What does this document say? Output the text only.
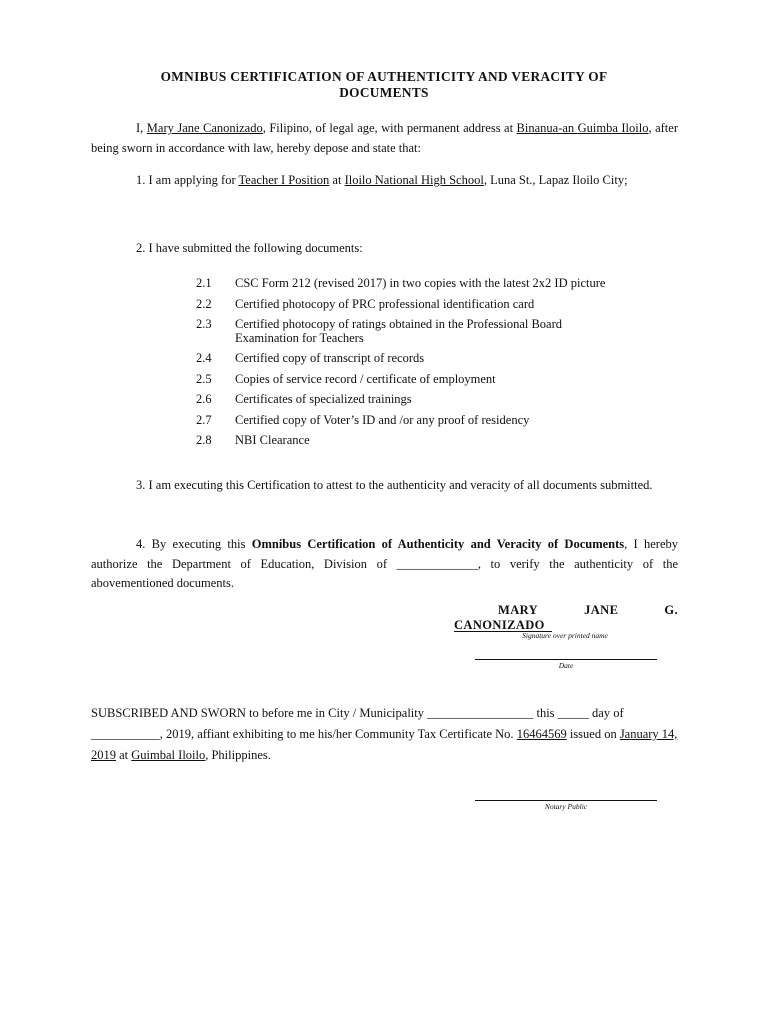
OMNIBUS CERTIFICATION OF AUTHENTICITY AND VERACITY OF DOCUMENTS
I, Mary Jane Canonizado, Filipino, of legal age, with permanent address at Binanua-an Guimba Iloilo, after being sworn in accordance with law, hereby depose and state that:
1. I am applying for Teacher I Position at Iloilo National High School, Luna St., Lapaz Iloilo City;
2. I have submitted the following documents:
2.1	CSC Form 212 (revised 2017) in two copies with the latest 2x2 ID picture
2.2	Certified photocopy of PRC professional identification card
2.3	Certified photocopy of ratings obtained in the Professional Board Examination for Teachers
2.4	Certified copy of transcript of records
2.5	Copies of service record / certificate of employment
2.6	Certificates of specialized trainings
2.7	Certified copy of Voter’s ID and /or any proof of residency
2.8	NBI Clearance
3. I am executing this Certification to attest to the authenticity and veracity of all documents submitted.
4. By executing this Omnibus Certification of Authenticity and Veracity of Documents, I hereby authorize the Department of Education, Division of _____________, to verify the authenticity of the abovementioned documents.
MARY	JANE	G.
CANONIZADO
Signature over printed name
Date
SUBSCRIBED AND SWORN to before me in City / Municipality _________________ this _____ day of ___________, 2019, affiant exhibiting to me his/her Community Tax Certificate No. 16464569 issued on January 14, 2019 at Guimbal Iloilo, Philippines.
Notary Public
